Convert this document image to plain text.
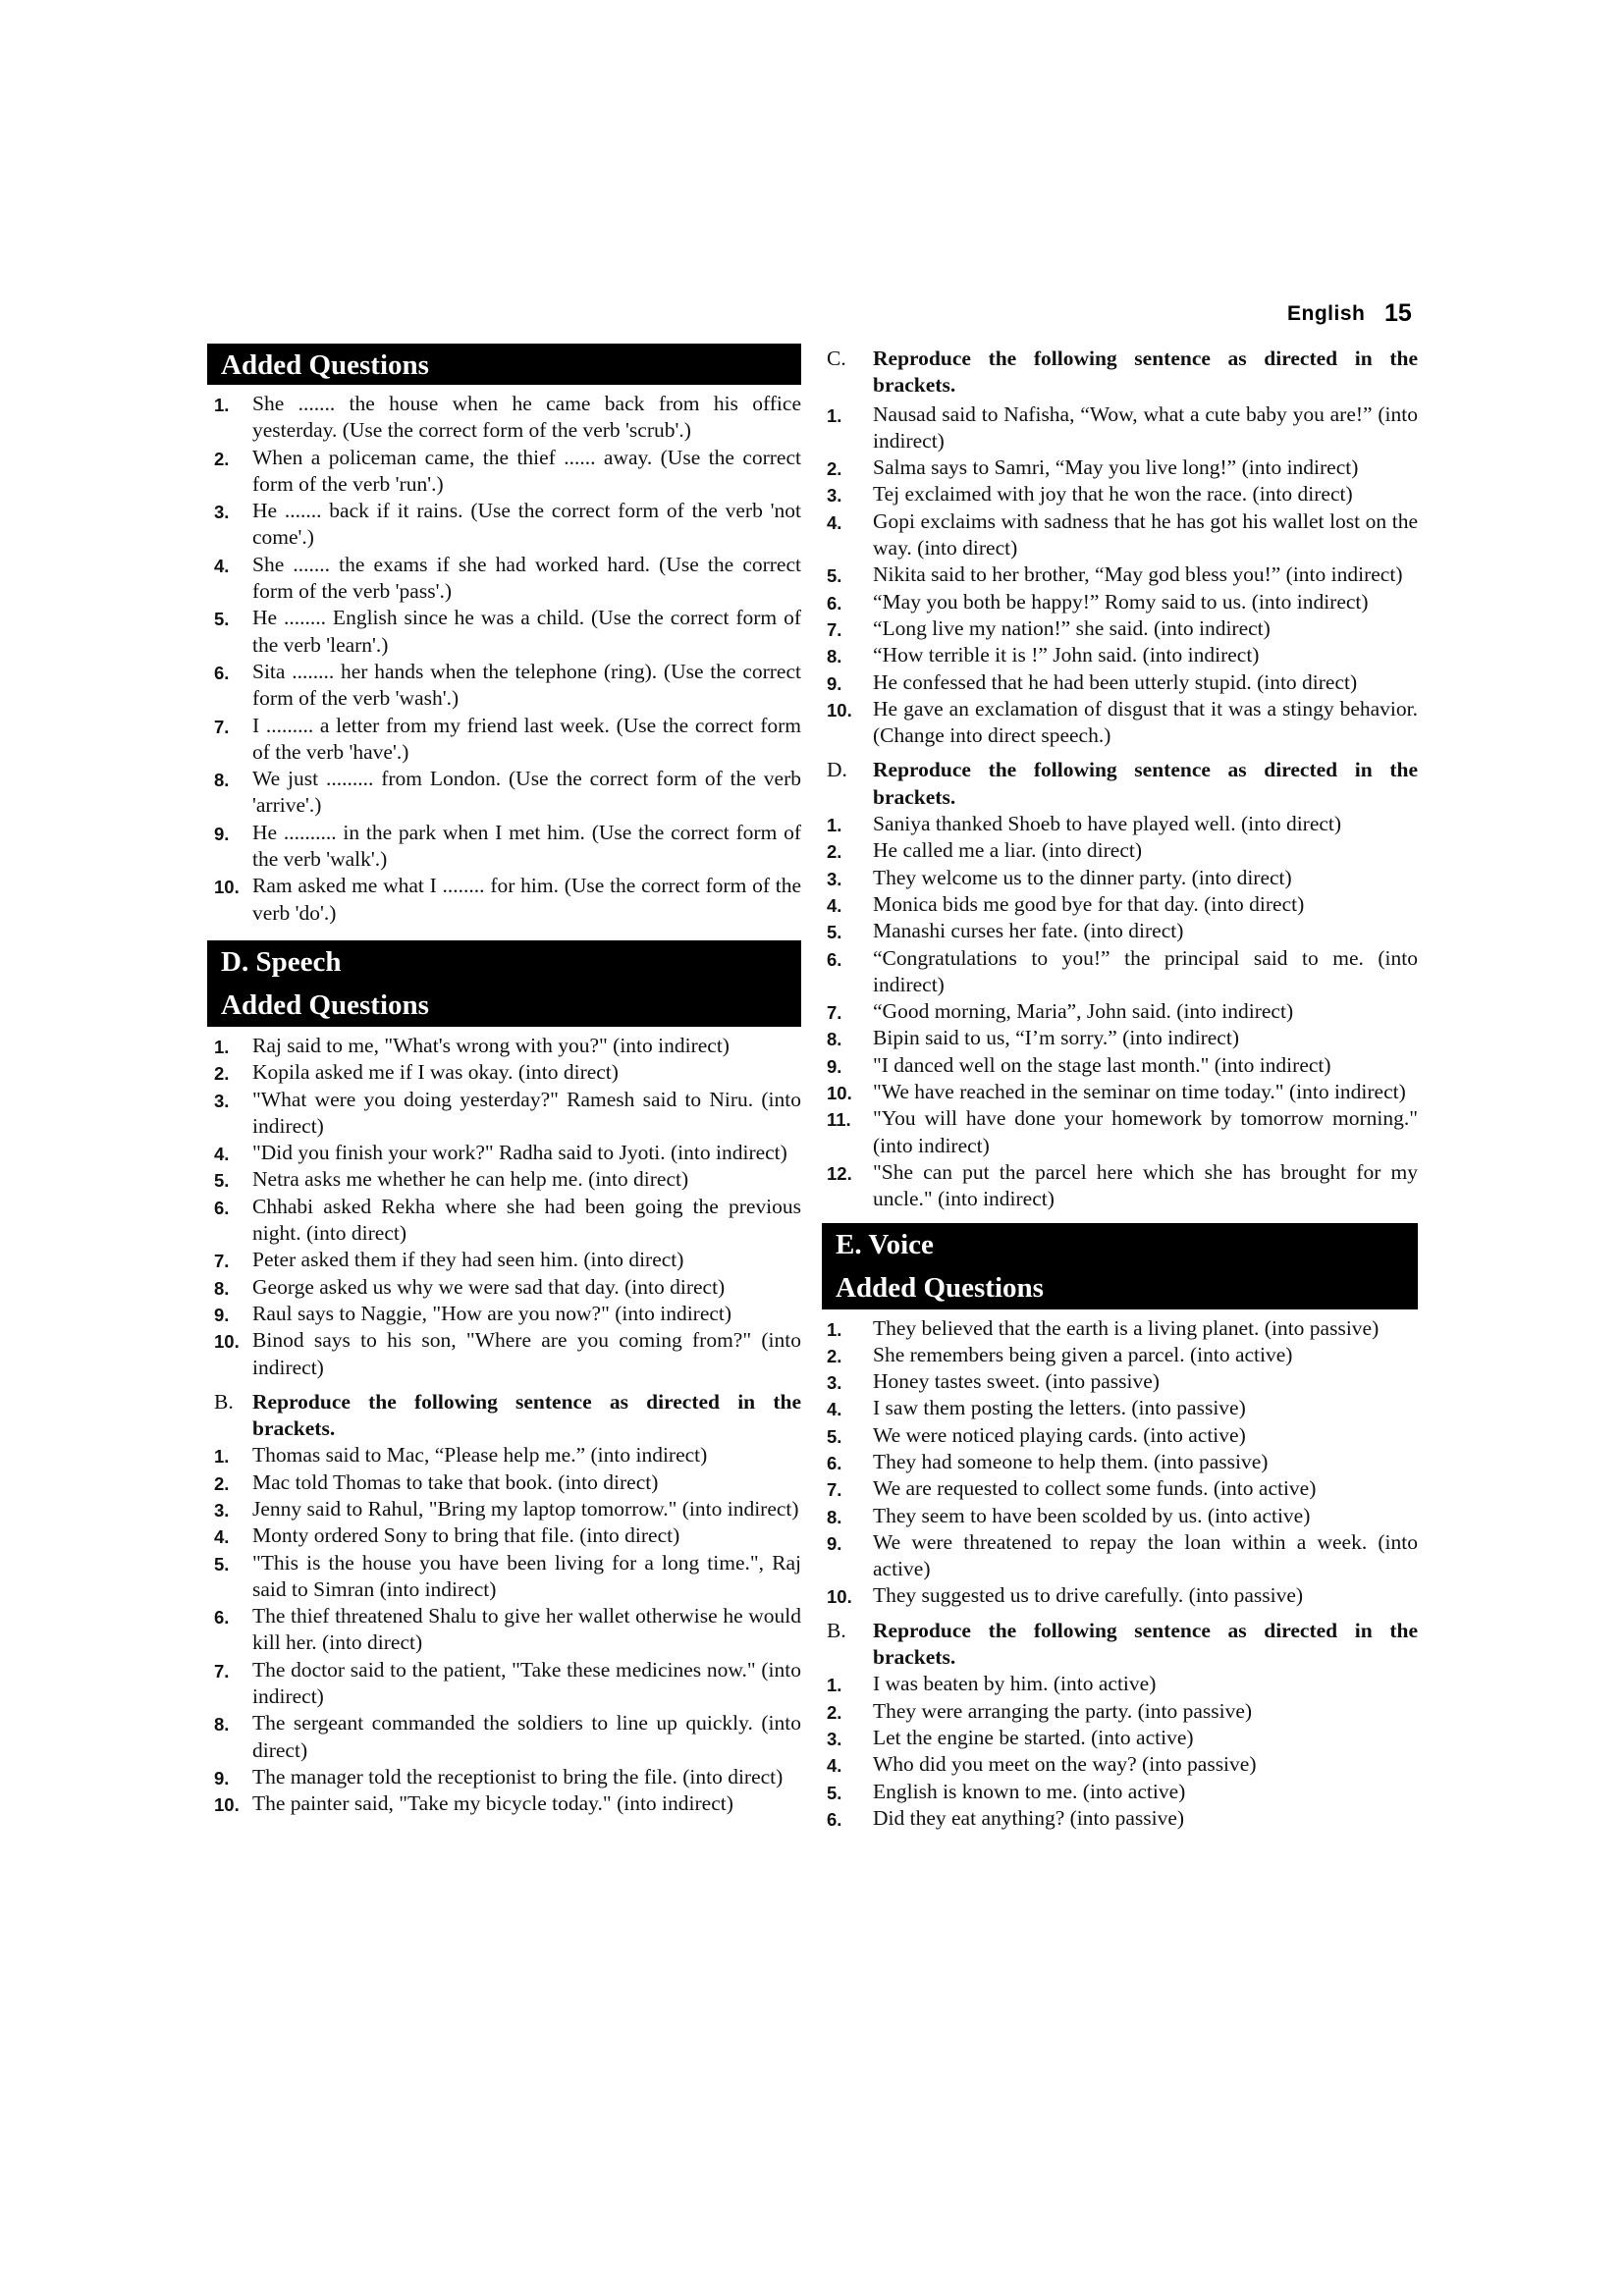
English 15
Added Questions
1. She ....... the house when he came back from his office yesterday. (Use the correct form of the verb 'scrub'.)
2. When a policeman came, the thief ...... away. (Use the correct form of the verb 'run'.)
3. He ....... back if it rains. (Use the correct form of the verb 'not come'.)
4. She ....... the exams if she had worked hard. (Use the correct form of the verb 'pass'.)
5. He ........ English since he was a child. (Use the correct form of the verb 'learn'.)
6. Sita ........ her hands when the telephone (ring). (Use the correct form of the verb 'wash'.)
7. I ......... a letter from my friend last week. (Use the correct form of the verb 'have'.)
8. We just ......... from London. (Use the correct form of the verb 'arrive'.)
9. He .......... in the park when I met him. (Use the correct form of the verb 'walk'.)
10. Ram asked me what I ........ for him. (Use the correct form of the verb 'do'.)
D. Speech
Added Questions
1. Raj said to me, "What's wrong with you?" (into indirect)
2. Kopila asked me if I was okay. (into direct)
3. "What were you doing yesterday?" Ramesh said to Niru. (into indirect)
4. "Did you finish your work?" Radha said to Jyoti. (into indirect)
5. Netra asks me whether he can help me. (into direct)
6. Chhabi asked Rekha where she had been going the previous night. (into direct)
7. Peter asked them if they had seen him. (into direct)
8. George asked us why we were sad that day. (into direct)
9. Raul says to Naggie, "How are you now?" (into indirect)
10. Binod says to his son, "Where are you coming from?" (into indirect)
B. Reproduce the following sentence as directed in the brackets.
1. Thomas said to Mac, “Please help me.” (into indirect)
2. Mac told Thomas to take that book. (into direct)
3. Jenny said to Rahul, "Bring my laptop tomorrow." (into indirect)
4. Monty ordered Sony to bring that file. (into direct)
5. "This is the house you have been living for a long time.", Raj said to Simran (into indirect)
6. The thief threatened Shalu to give her wallet otherwise he would kill her. (into direct)
7. The doctor said to the patient, "Take these medicines now." (into indirect)
8. The sergeant commanded the soldiers to line up quickly. (into direct)
9. The manager told the receptionist to bring the file. (into direct)
10. The painter said, "Take my bicycle today." (into indirect)
C. Reproduce the following sentence as directed in the brackets.
1. Nausad said to Nafisha, “Wow, what a cute baby you are!” (into indirect)
2. Salma says to Samri, “May you live long!” (into indirect)
3. Tej exclaimed with joy that he won the race. (into direct)
4. Gopi exclaims with sadness that he has got his wallet lost on the way. (into direct)
5. Nikita said to her brother, “May god bless you!” (into indirect)
6. “May you both be happy!” Romy said to us. (into indirect)
7. “Long live my nation!” she said. (into indirect)
8. “How terrible it is !” John said. (into indirect)
9. He confessed that he had been utterly stupid. (into direct)
10. He gave an exclamation of disgust that it was a stingy behavior. (Change into direct speech.)
D. Reproduce the following sentence as directed in the brackets.
1. Saniya thanked Shoeb to have played well. (into direct)
2. He called me a liar. (into direct)
3. They welcome us to the dinner party. (into direct)
4. Monica bids me good bye for that day. (into direct)
5. Manashi curses her fate. (into direct)
6. “Congratulations to you!” the principal said to me. (into indirect)
7. “Good morning, Maria”, John said. (into indirect)
8. Bipin said to us, “I’m sorry.” (into indirect)
9. "I danced well on the stage last month." (into indirect)
10. "We have reached in the seminar on time today." (into indirect)
11. "You will have done your homework by tomorrow morning." (into indirect)
12. "She can put the parcel here which she has brought for my uncle." (into indirect)
E. Voice
Added Questions
1. They believed that the earth is a living planet. (into passive)
2. She remembers being given a parcel. (into active)
3. Honey tastes sweet. (into passive)
4. I saw them posting the letters. (into passive)
5. We were noticed playing cards. (into active)
6. They had someone to help them. (into passive)
7. We are requested to collect some funds. (into active)
8. They seem to have been scolded by us. (into active)
9. We were threatened to repay the loan within a week. (into active)
10. They suggested us to drive carefully. (into passive)
B. Reproduce the following sentence as directed in the brackets.
1. I was beaten by him. (into active)
2. They were arranging the party. (into passive)
3. Let the engine be started. (into active)
4. Who did you meet on the way? (into passive)
5. English is known to me. (into active)
6. Did they eat anything? (into passive)
